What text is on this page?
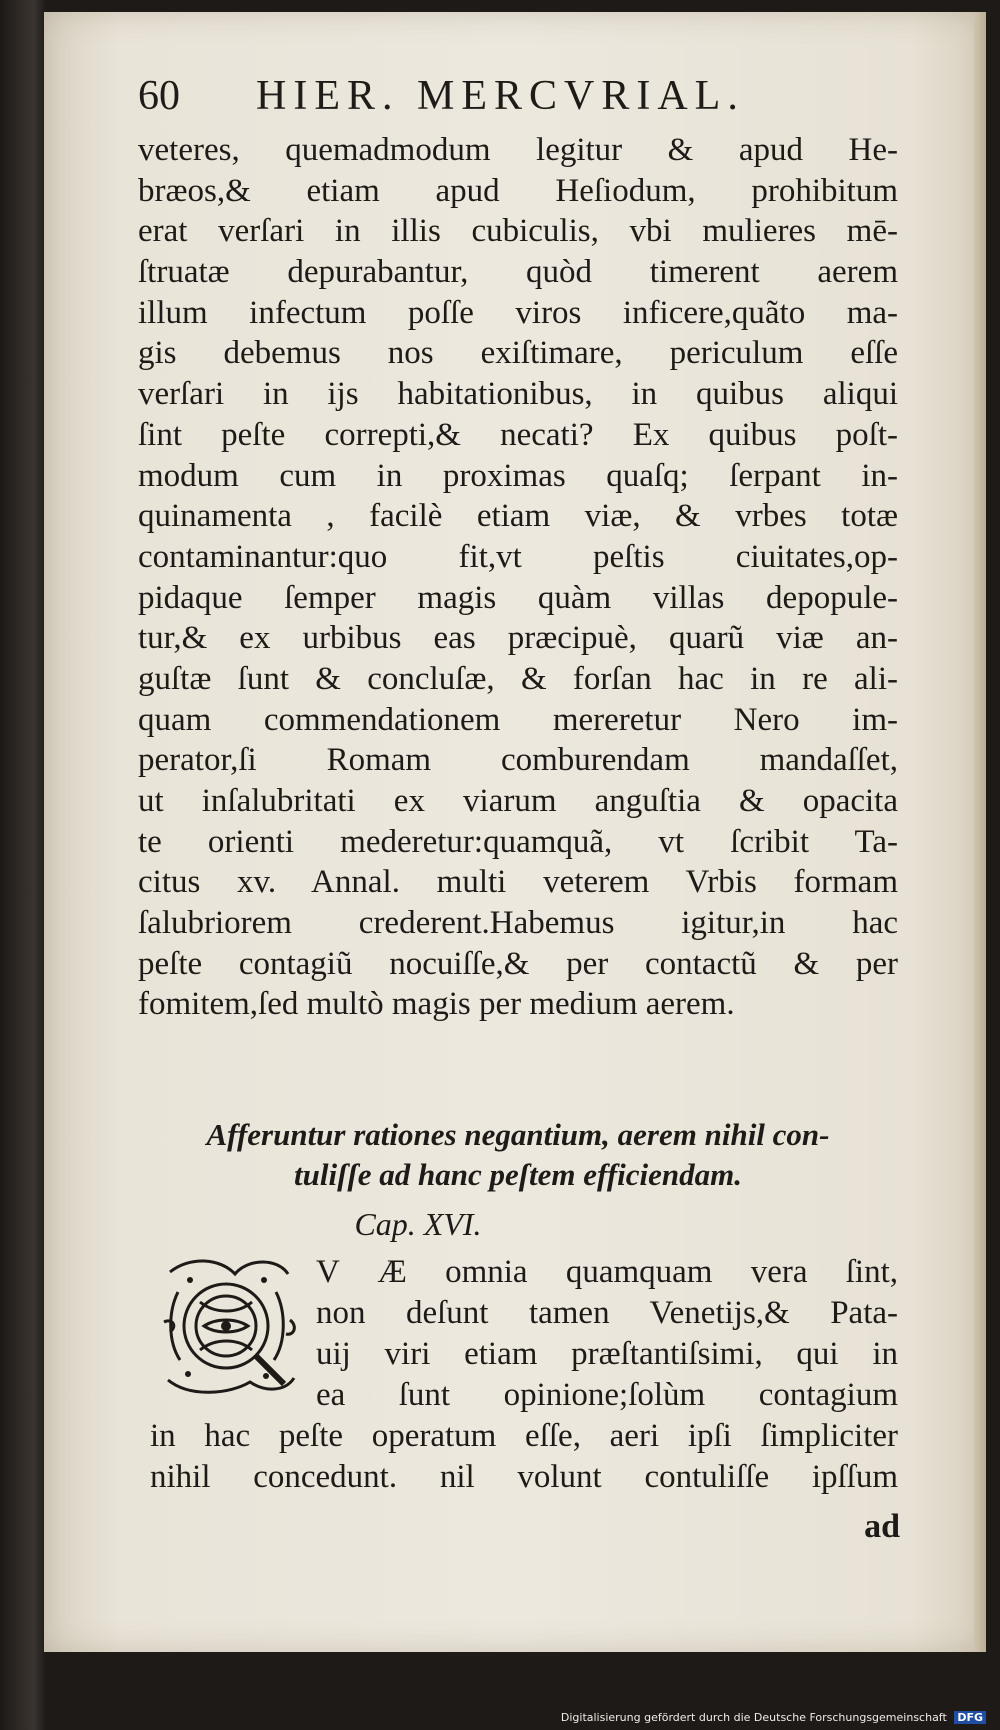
60 HIER. MERCVRIAL.
veteres, quemadmodum legitur & apud He-
bræos,& etiam apud Heſiodum, prohibitum
erat verſari in illis cubiculis, vbi mulieres mē-
ſtruatæ depurabantur, quòd timerent aerem
illum infectum poſſe viros inficere,quãto ma-
gis debemus nos exiſtimare, periculum eſſe
verſari in ijs habitationibus, in quibus aliqui
ſint peſte correpti,& necati? Ex quibus poſt-
modum cum in proximas quaſq; ſerpant in-
quinamenta , facilè etiam viæ, & vrbes totæ
contaminantur:quo fit,vt peſtis ciuitates,op-
pidaque ſemper magis quàm villas depopule-
tur,& ex urbibus eas præcipuè, quarũ viæ an-
guſtæ ſunt & concluſæ, & forſan hac in re ali-
quam commendationem mereretur Nero im-
perator,ſi Romam comburendam mandaſſet,
ut inſalubritati ex viarum anguſtia & opacita
te orienti mederetur:quamquã, vt ſcribit Ta-
citus xv. Annal. multi veterem Vrbis formam
ſalubriorem crederent.Habemus igitur,in hac
peſte contagiũ nocuiſſe,& per contactũ & per
fomitem,ſed multò magis per medium aerem.
Afferuntur rationes negantium, aerem nihil con-
tuliſſe ad hanc peſtem efficiendam.
Cap. XVI.
V Æ omnia quamquam vera ſint,
non deſunt tamen Venetijs,& Pata-
uij viri etiam præſtantiſsimi, qui in
ea ſunt opinione;ſolùm contagium
in hac peſte operatum eſſe, aeri ipſi ſimpliciter
nihil concedunt. nil volunt contuliſſe ipſſum
ad
Digitalisierung gefördert durch die Deutsche Forschungsgemeinschaft DFG
